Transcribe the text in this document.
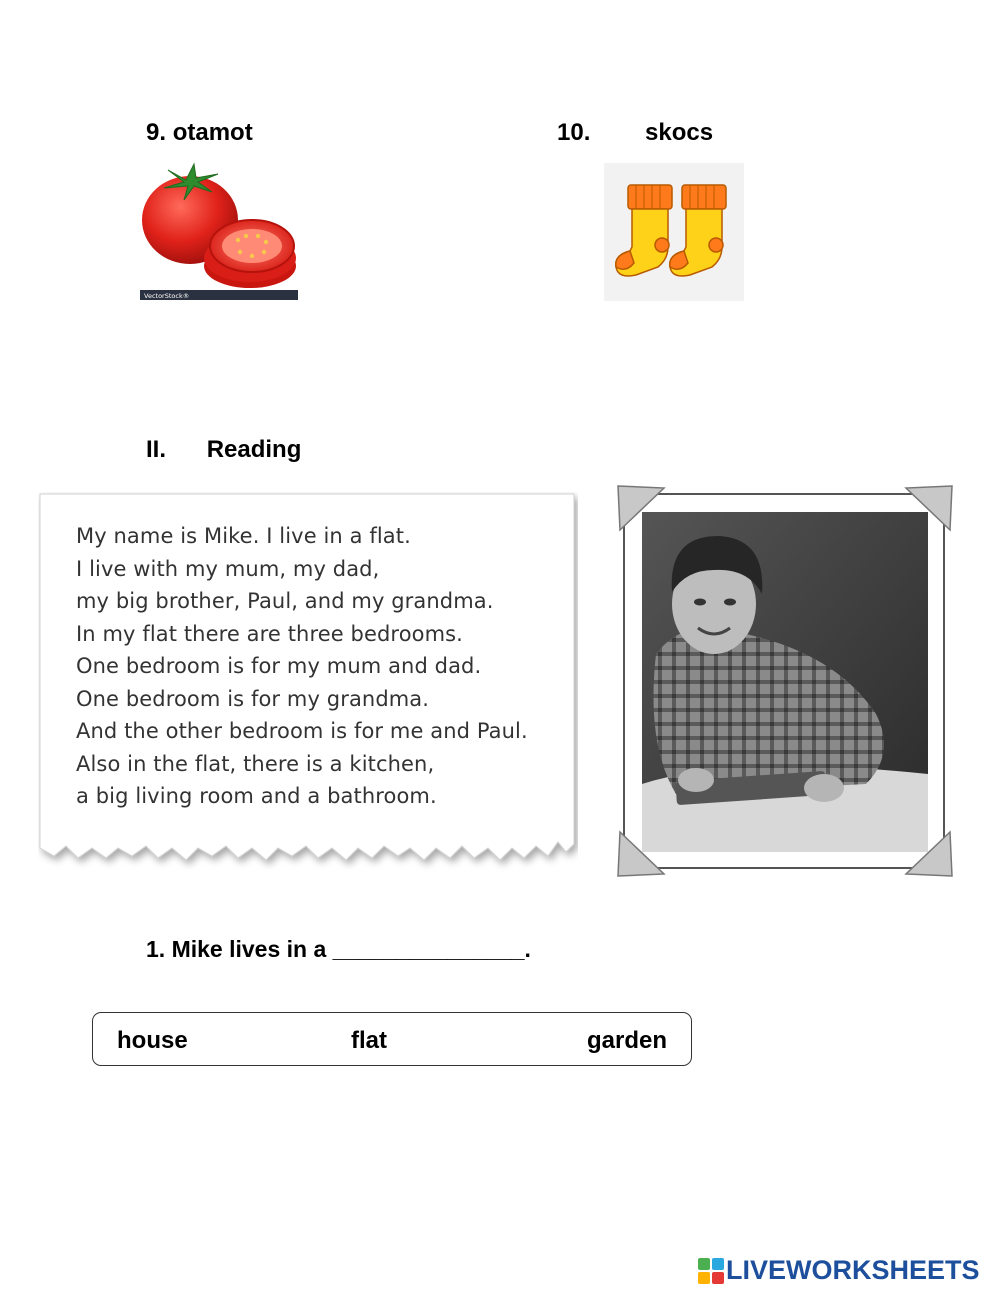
9. otamot
VectorStock®
10. skocs
II. Reading
My name is Mike. I live in a flat.
I live with my mum, my dad,
my big brother, Paul, and my grandma.
In my flat there are three bedrooms.
One bedroom is for my mum and dad.
One bedroom is for my grandma.
And the other bedroom is for me and Paul.
Also in the flat, there is a kitchen,
a big living room and a bathroom.
1. Mike lives in a _______________.
house	flat	garden
LIVEWORKSHEETS
